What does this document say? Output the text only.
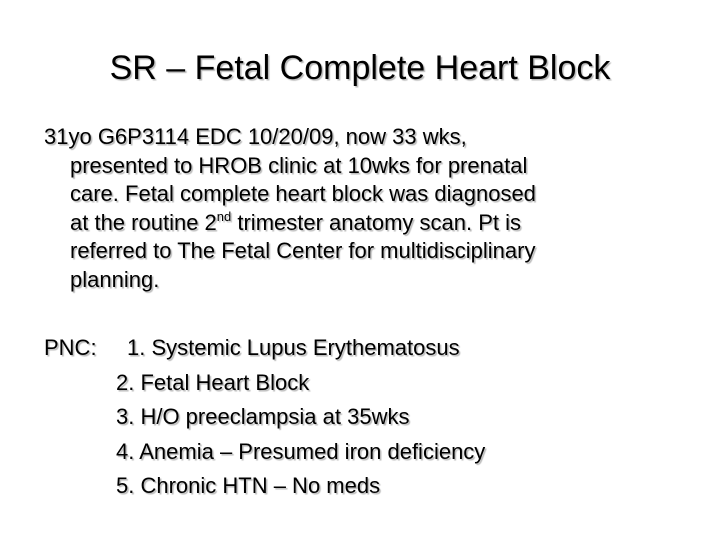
SR – Fetal Complete Heart Block
31yo G6P3114 EDC 10/20/09, now 33 wks,
presented to HROB clinic at 10wks for prenatal
care. Fetal complete heart block was diagnosed
at the routine 2nd trimester anatomy scan. Pt is
referred to The Fetal Center for multidisciplinary
planning.
PNC: 1. Systemic Lupus Erythematosus
2. Fetal Heart Block
3. H/O preeclampsia at 35wks
4. Anemia – Presumed iron deficiency
5. Chronic HTN – No meds
